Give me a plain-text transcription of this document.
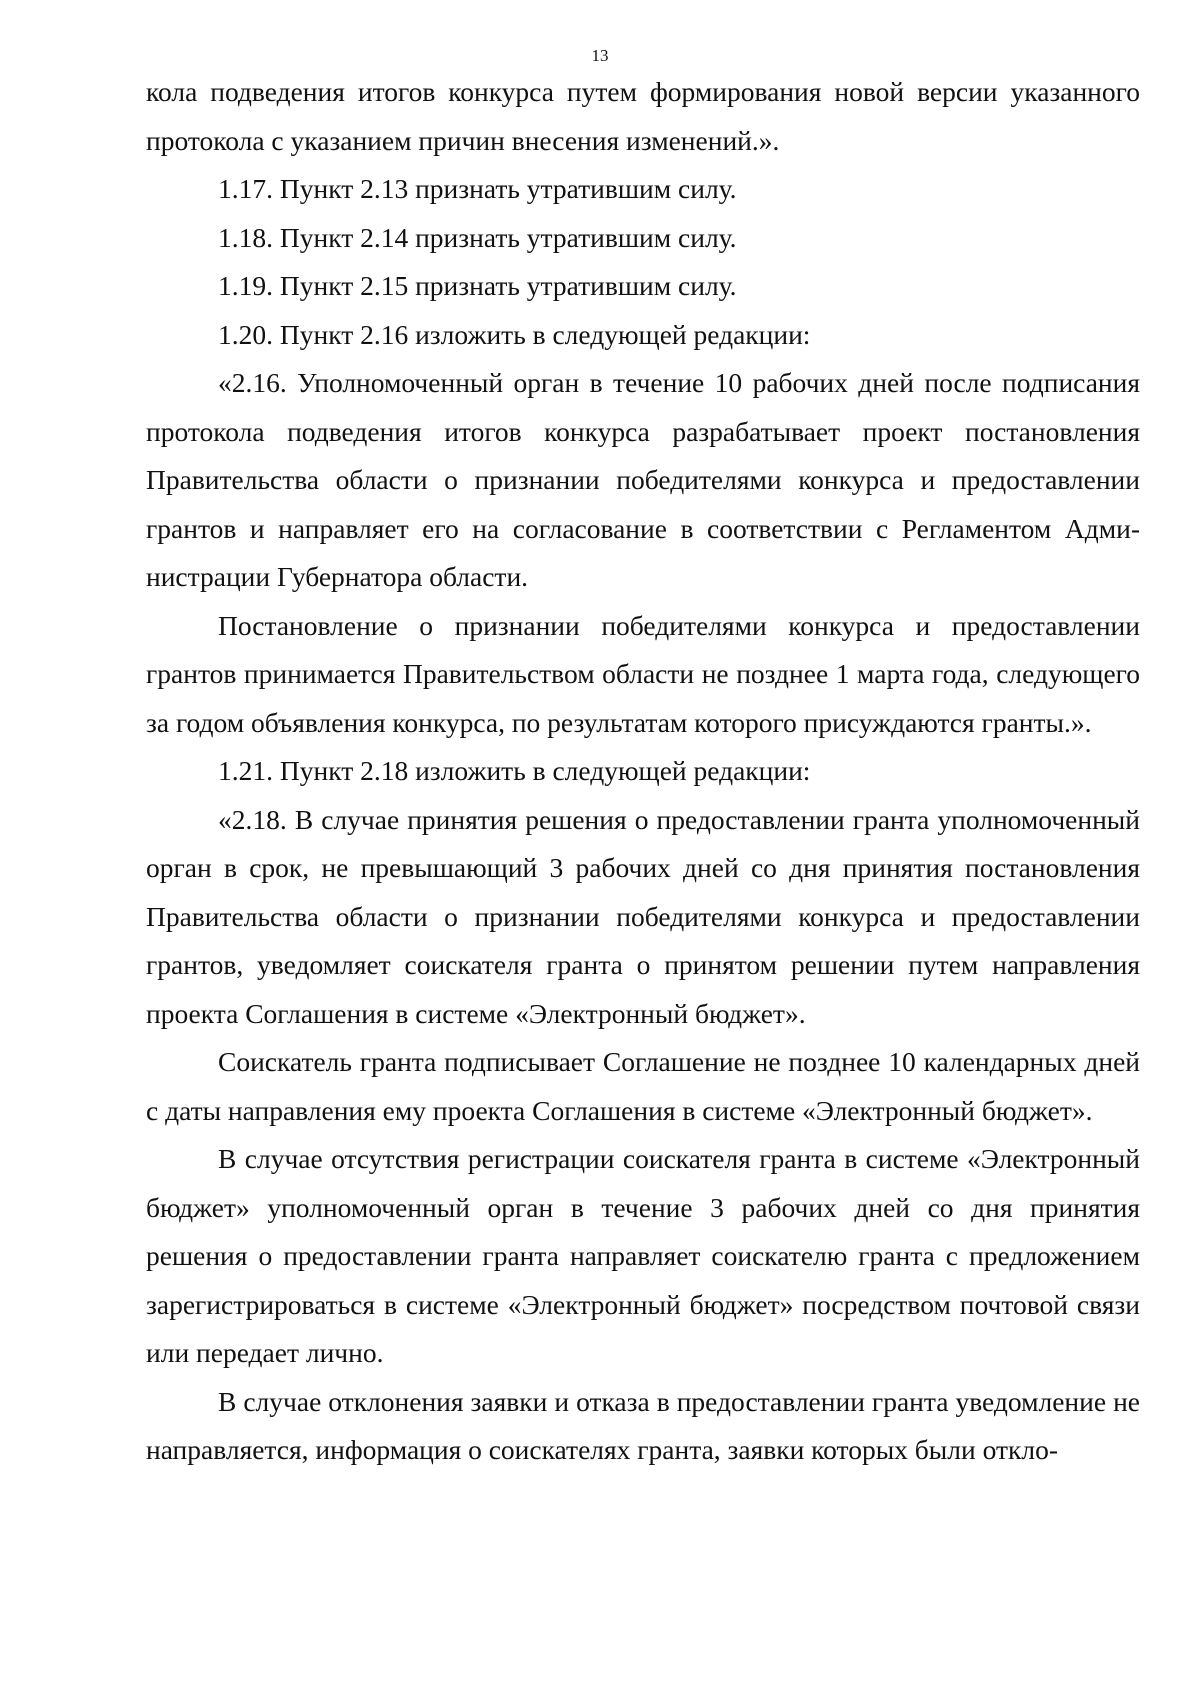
13

кола подведения итогов конкурса путем формирования новой версии указанного протокола с указанием причин внесения изменений.».

1.17. Пункт 2.13 признать утратившим силу.

1.18. Пункт 2.14 признать утратившим силу.

1.19. Пункт 2.15 признать утратившим силу.

1.20. Пункт 2.16 изложить в следующей редакции:

«2.16. Уполномоченный орган в течение 10 рабочих дней после подписания протокола подведения итогов конкурса разрабатывает проект постановления Правительства области о признании победителями конкурса и предоставлении грантов и направляет его на согласование в соответствии с Регламентом Администрации Губернатора области.

Постановление о признании победителями конкурса и предоставлении грантов принимается Правительством области не позднее 1 марта года, следующего за годом объявления конкурса, по результатам которого присуждаются гранты.».

1.21. Пункт 2.18 изложить в следующей редакции:

«2.18. В случае принятия решения о предоставлении гранта уполномоченный орган в срок, не превышающий 3 рабочих дней со дня принятия постановления Правительства области о признании победителями конкурса и предоставлении грантов, уведомляет соискателя гранта о принятом решении путем направления проекта Соглашения в системе «Электронный бюджет».

Соискатель гранта подписывает Соглашение не позднее 10 календарных дней с даты направления ему проекта Соглашения в системе «Электронный бюджет».

В случае отсутствия регистрации соискателя гранта в системе «Электронный бюджет» уполномоченный орган в течение 3 рабочих дней со дня принятия решения о предоставлении гранта направляет соискателю гранта с предложением зарегистрироваться в системе «Электронный бюджет» посредством почтовой связи или передает лично.

В случае отклонения заявки и отказа в предоставлении гранта уведомление не направляется, информация о соискателях гранта, заявки которых были откло-
